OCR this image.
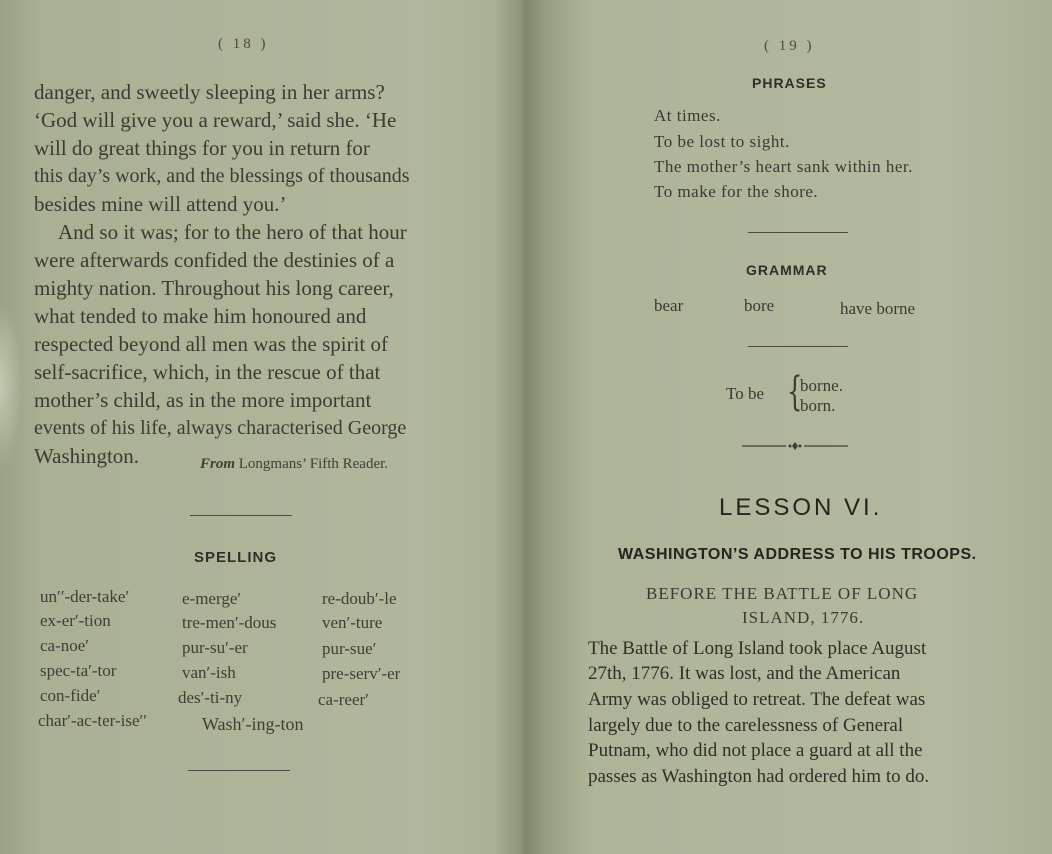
( 18 )
danger, and sweetly sleeping in her arms?
‘God will give you a reward,’ said she. ‘He
will do great things for you in return for
this day’s work, and the blessings of thousands
besides mine will attend you.’
And so it was; for to the hero of that hour
were afterwards confided the destinies of a
mighty nation. Throughout his long career,
what tended to make him honoured and
respected beyond all men was the spirit of
self-sacrifice, which, in the rescue of that
mother’s child, as in the more important
events of his life, always characterised George
Washington.	From Longmans’ Fifth Reader.
SPELLING
un′′-der-take′	e-merge′	re-doub′-le
ex-er′-tion	tre-men′-dous	ven′-ture
ca-noe′	pur-su′-er	pur-sue′
spec-ta′-tor	van′-ish	pre-serv′-er
con-fide′	des′-ti-ny	ca-reer′
char′-ac-ter-ise′′	Wash′-ing-ton
( 19 )
PHRASES
At times.
To be lost to sight.
The mother’s heart sank within her.
To make for the shore.
GRAMMAR
bear	bore	have borne
To be {
borne.
born.
LESSON VI.
WASHINGTON’S ADDRESS TO HIS TROOPS.
BEFORE THE BATTLE OF LONG
ISLAND, 1776.
The Battle of Long Island took place August
27th, 1776. It was lost, and the American
Army was obliged to retreat. The defeat was
largely due to the carelessness of General
Putnam, who did not place a guard at all the
passes as Washington had ordered him to do.
